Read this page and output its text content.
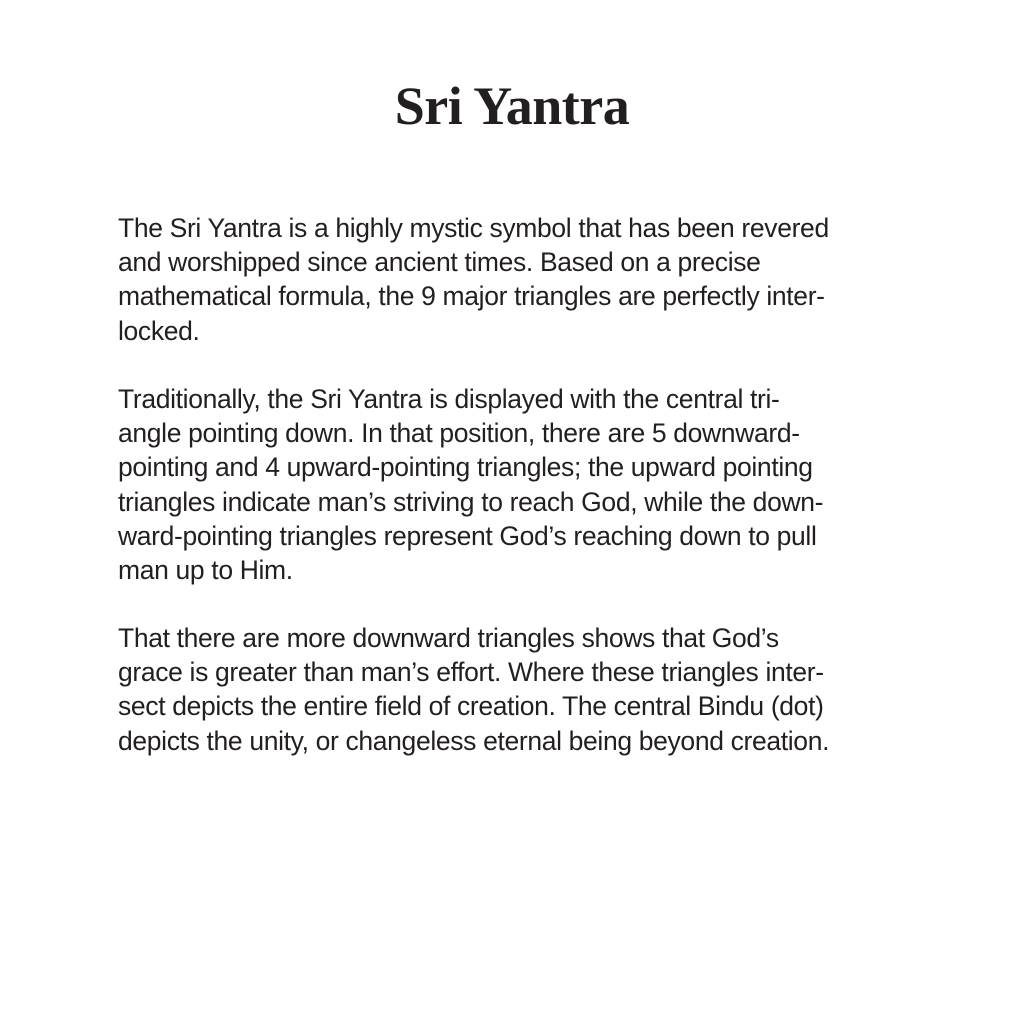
Sri Yantra
The Sri Yantra is a highly mystic symbol that has been revered
and worshipped since ancient times. Based on a precise
mathematical formula, the 9 major triangles are perfectly inter-
locked.
Traditionally, the Sri Yantra is displayed with the central tri-
angle pointing down. In that position, there are 5 downward-
pointing and 4 upward-pointing triangles; the upward pointing
triangles indicate man’s striving to reach God, while the down-
ward-pointing triangles represent God’s reaching down to pull
man up to Him.
That there are more downward triangles shows that God’s
grace is greater than man’s effort. Where these triangles inter-
sect depicts the entire field of creation. The central Bindu (dot)
depicts the unity, or changeless eternal being beyond creation.
